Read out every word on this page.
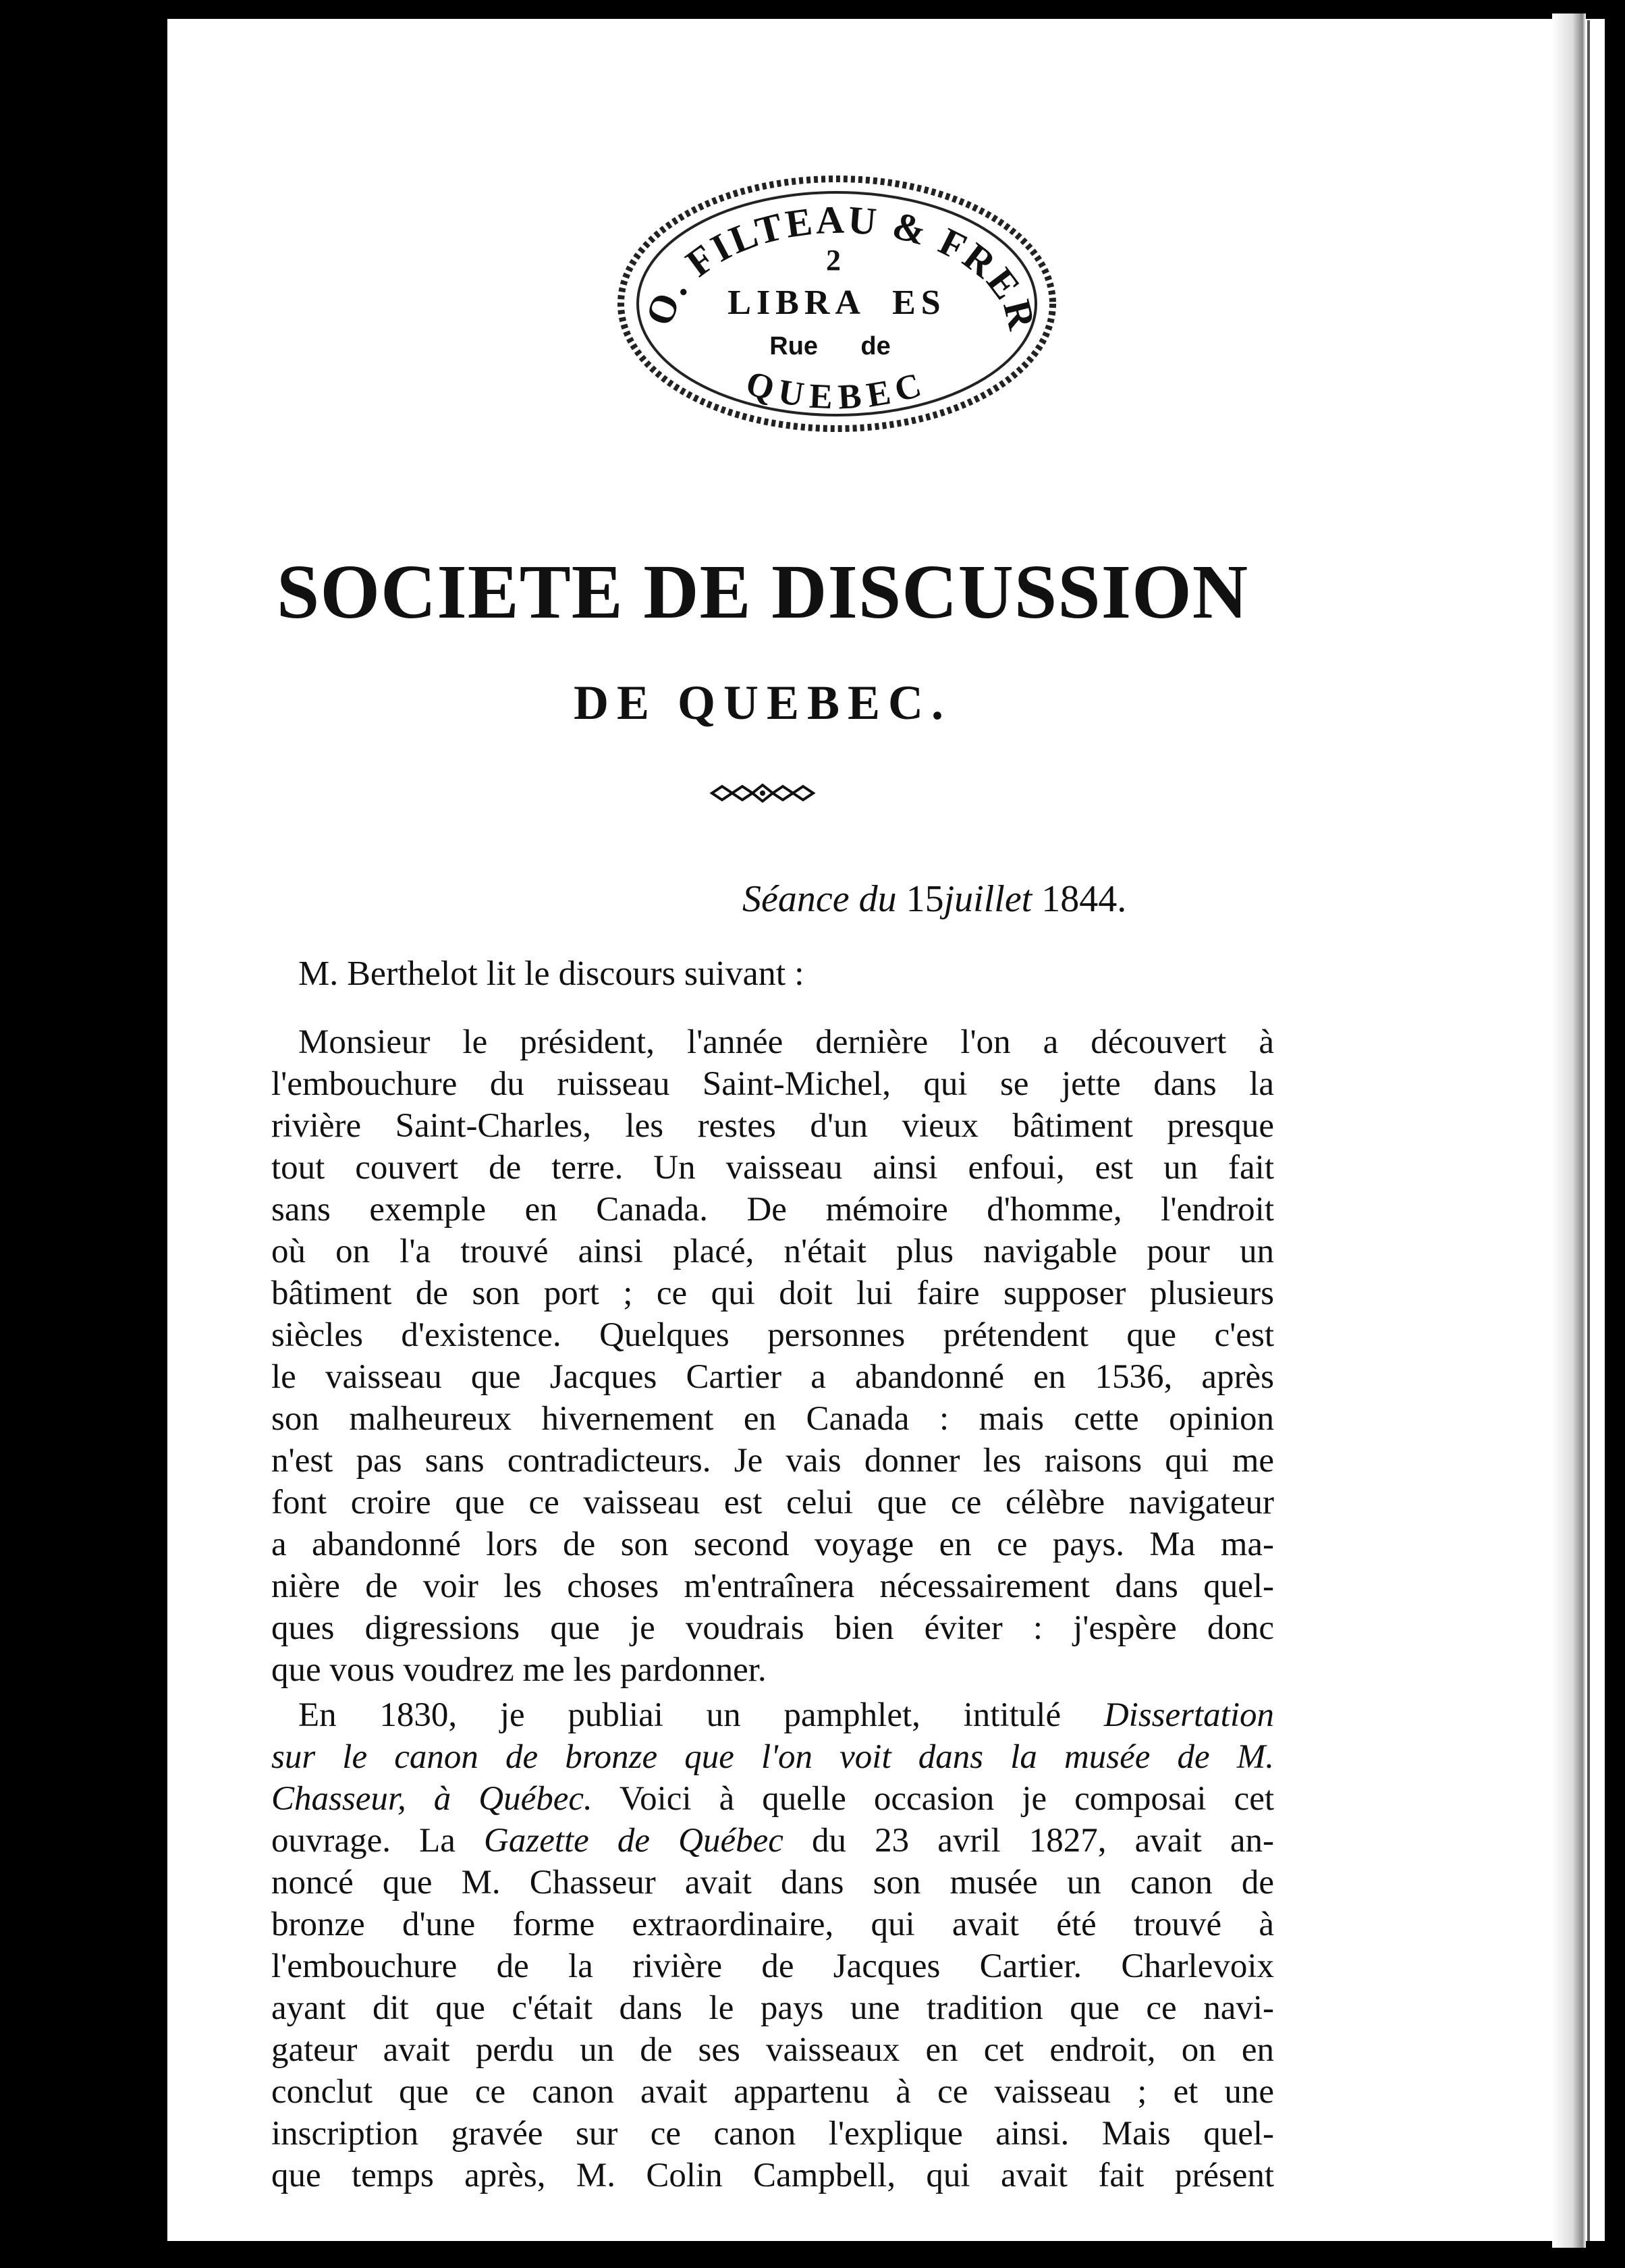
O. FILTEAU & FRER
2
LIBRA  ES
Rue      de
QUEBEC
SOCIETE DE DISCUSSION
DE QUEBEC.
Séance du 15juillet 1844.
M. Berthelot lit le discours suivant :
Monsieur le président, l'année dernière l'on a découvert à
l'embouchure du ruisseau Saint-Michel, qui se jette dans la
rivière Saint-Charles, les restes d'un vieux bâtiment presque
tout couvert de terre. Un vaisseau ainsi enfoui, est un fait
sans exemple en Canada. De mémoire d'homme, l'endroit
où on l'a trouvé ainsi placé, n'était plus navigable pour un
bâtiment de son port ; ce qui doit lui faire supposer plusieurs
siècles d'existence. Quelques personnes prétendent que c'est
le vaisseau que Jacques Cartier a abandonné en 1536, après
son malheureux hivernement en Canada : mais cette opinion
n'est pas sans contradicteurs. Je vais donner les raisons qui me
font croire que ce vaisseau est celui que ce célèbre navigateur
a abandonné lors de son second voyage en ce pays. Ma ma-
nière de voir les choses m'entraînera nécessairement dans quel-
ques digressions que je voudrais bien éviter : j'espère donc
que vous voudrez me les pardonner.
En 1830, je publiai un pamphlet, intitulé Dissertation
sur le canon de bronze que l'on voit dans la musée de M.
Chasseur, à Québec. Voici à quelle occasion je composai cet
ouvrage. La Gazette de Québec du 23 avril 1827, avait an-
noncé que M. Chasseur avait dans son musée un canon de
bronze d'une forme extraordinaire, qui avait été trouvé à
l'embouchure de la rivière de Jacques Cartier. Charlevoix
ayant dit que c'était dans le pays une tradition que ce navi-
gateur avait perdu un de ses vaisseaux en cet endroit, on en
conclut que ce canon avait appartenu à ce vaisseau ; et une
inscription gravée sur ce canon l'explique ainsi. Mais quel-
que temps après, M. Colin Campbell, qui avait fait présent
